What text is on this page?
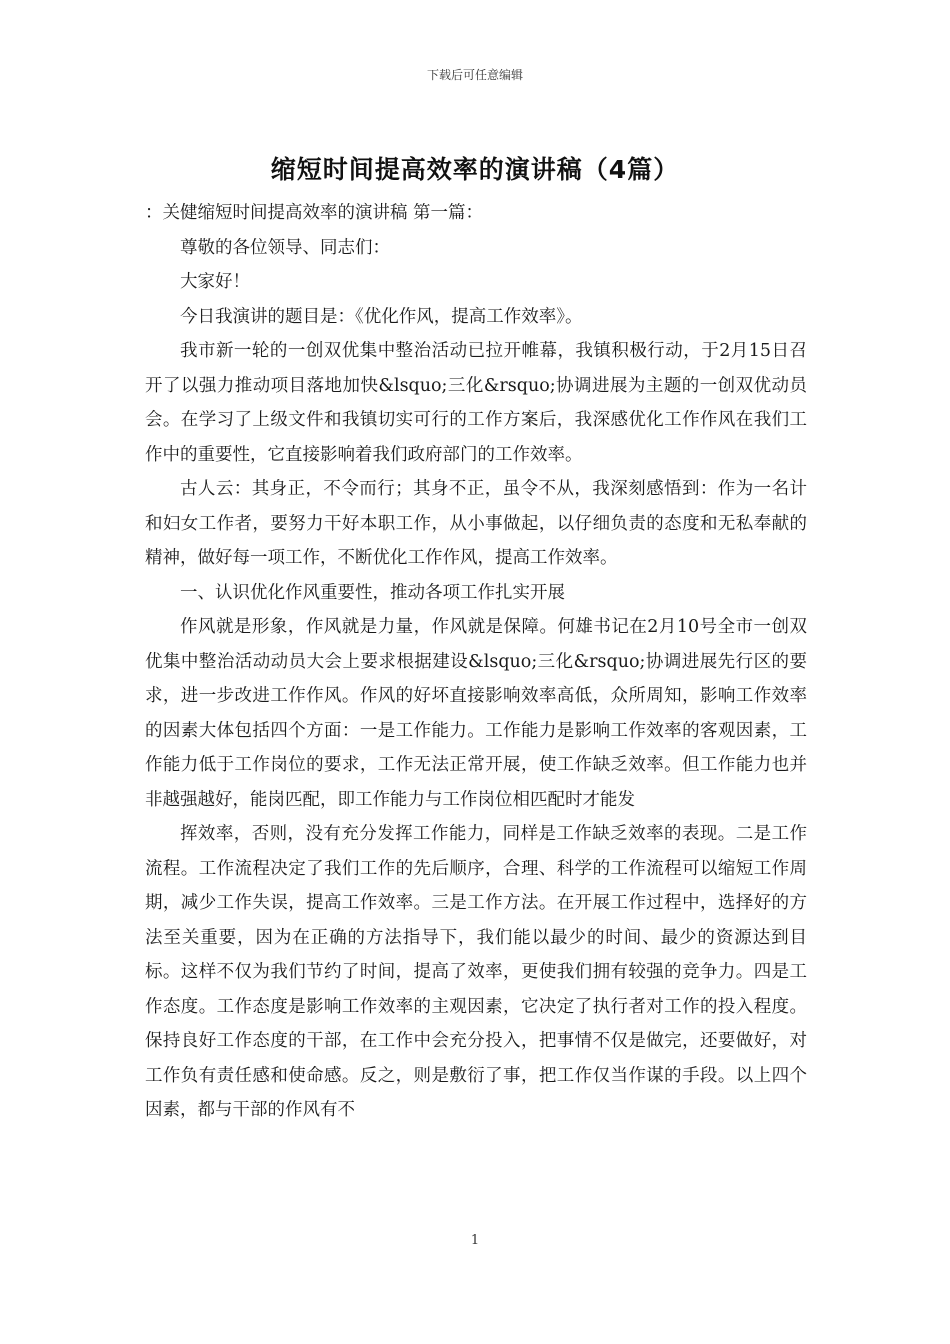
下载后可任意编辑
缩短时间提高效率的演讲稿（4篇）

：关健缩短时间提高效率的演讲稿 第一篇：

尊敬的各位领导、同志们：

大家好！

今日我演讲的题目是：《优化作风，提高工作效率》。

我市新一轮的一创双优集中整治活动已拉开帷幕，我镇积极行动，于2月15日召开了以强力推动项目落地加快&lsquo;三化&rsquo;协调进展为主题的一创双优动员会。在学习了上级文件和我镇切实可行的工作方案后，我深感优化工作作风在我们工作中的重要性，它直接影响着我们政府部门的工作效率。

古人云：其身正，不令而行；其身不正，虽令不从，我深刻感悟到：作为一名计和妇女工作者，要努力干好本职工作，从小事做起，以仔细负责的态度和无私奉献的精神，做好每一项工作，不断优化工作作风，提高工作效率。

一、认识优化作风重要性，推动各项工作扎实开展

作风就是形象，作风就是力量，作风就是保障。何雄书记在2月10号全市一创双优集中整治活动动员大会上要求根据建设&lsquo;三化&rsquo;协调进展先行区的要求，进一步改进工作作风。作风的好坏直接影响效率高低，众所周知，影响工作效率的因素大体包括四个方面：一是工作能力。工作能力是影响工作效率的客观因素，工作能力低于工作岗位的要求，工作无法正常开展，使工作缺乏效率。但工作能力也并非越强越好，能岗匹配，即工作能力与工作岗位相匹配时才能发

挥效率，否则，没有充分发挥工作能力，同样是工作缺乏效率的表现。二是工作流程。工作流程决定了我们工作的先后顺序，合理、科学的工作流程可以缩短工作周期，减少工作失误，提高工作效率。三是工作方法。在开展工作过程中，选择好的方法至关重要，因为在正确的方法指导下，我们能以最少的时间、最少的资源达到目标。这样不仅为我们节约了时间，提高了效率，更使我们拥有较强的竞争力。四是工作态度。工作态度是影响工作效率的主观因素，它决定了执行者对工作的投入程度。保持良好工作态度的干部，在工作中会充分投入，把事情不仅是做完，还要做好，对工作负有责任感和使命感。反之，则是敷衍了事，把工作仅当作谋的手段。以上四个因素，都与干部的作风有不

1
